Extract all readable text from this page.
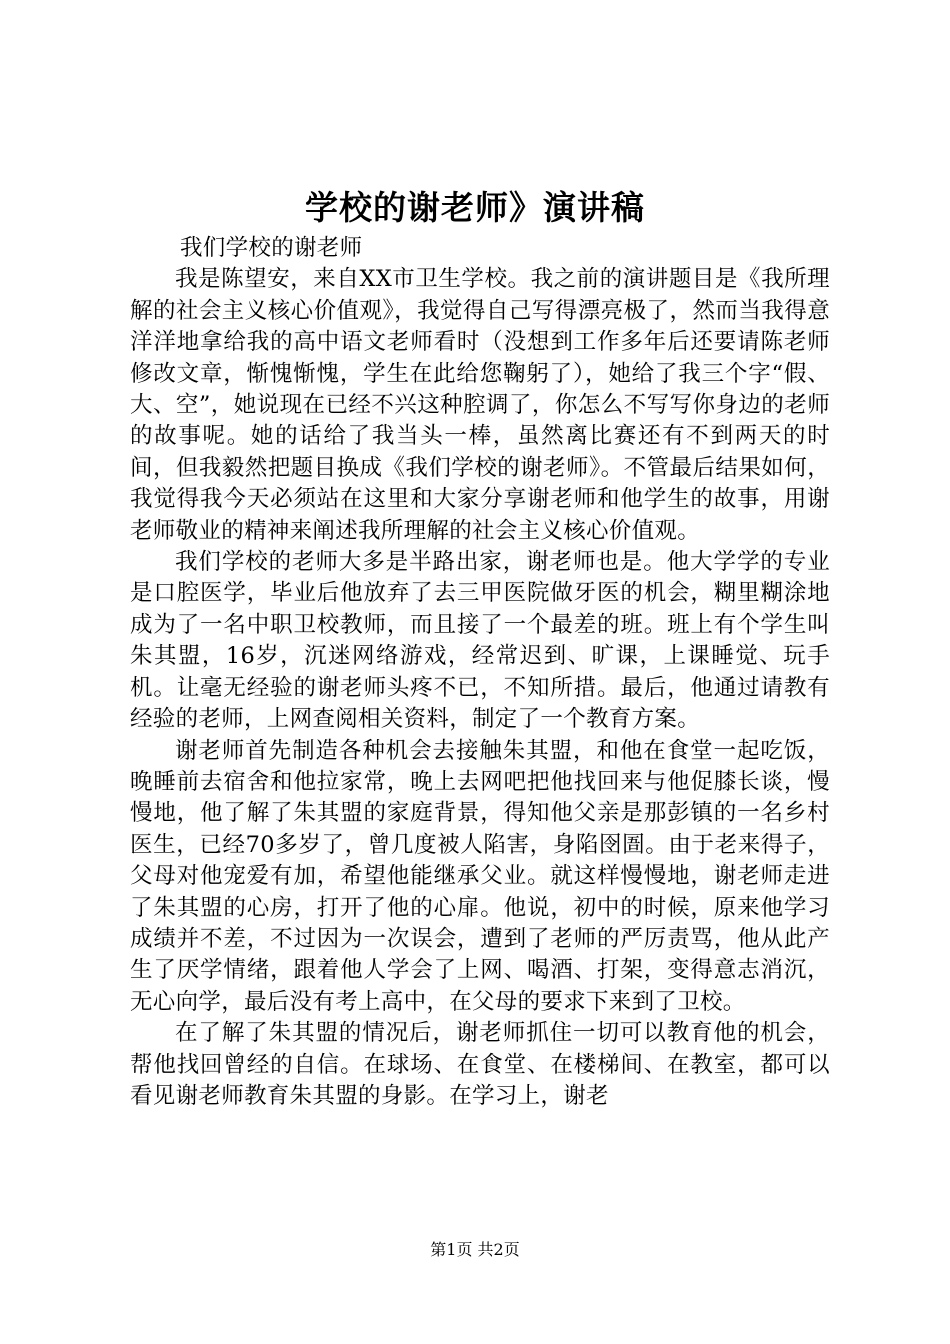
学校的谢老师》演讲稿
我们学校的谢老师

我是陈望安，来自XX市卫生学校。我之前的演讲题目是《我所理解的社会主义核心价值观》，我觉得自己写得漂亮极了，然而当我得意洋洋地拿给我的高中语文老师看时（没想到工作多年后还要请陈老师修改文章，惭愧惭愧，学生在此给您鞠躬了），她给了我三个字“假、大、空”，她说现在已经不兴这种腔调了，你怎么不写写你身边的老师的故事呢。她的话给了我当头一棒，虽然离比赛还有不到两天的时间，但我毅然把题目换成《我们学校的谢老师》。不管最后结果如何，我觉得我今天必须站在这里和大家分享谢老师和他学生的故事，用谢老师敬业的精神来阐述我所理解的社会主义核心价值观。

我们学校的老师大多是半路出家，谢老师也是。他大学学的专业是口腔医学，毕业后他放弃了去三甲医院做牙医的机会，糊里糊涂地成为了一名中职卫校教师，而且接了一个最差的班。班上有个学生叫朱其盟，16岁，沉迷网络游戏，经常迟到、旷课，上课睡觉、玩手机。让毫无经验的谢老师头疼不已，不知所措。最后，他通过请教有经验的老师，上网查阅相关资料，制定了一个教育方案。

谢老师首先制造各种机会去接触朱其盟，和他在食堂一起吃饭，晚睡前去宿舍和他拉家常，晚上去网吧把他找回来与他促膝长谈，慢慢地，他了解了朱其盟的家庭背景，得知他父亲是那彭镇的一名乡村医生，已经70多岁了，曾几度被人陷害，身陷囹圄。由于老来得子，父母对他宠爱有加，希望他能继承父业。就这样慢慢地，谢老师走进了朱其盟的心房，打开了他的心扉。他说，初中的时候，原来他学习成绩并不差，不过因为一次误会，遭到了老师的严厉责骂，他从此产生了厌学情绪，跟着他人学会了上网、喝酒、打架，变得意志消沉，无心向学，最后没有考上高中，在父母的要求下来到了卫校。

在了解了朱其盟的情况后，谢老师抓住一切可以教育他的机会，帮他找回曾经的自信。在球场、在食堂、在楼梯间、在教室，都可以看见谢老师教育朱其盟的身影。在学习上，谢老

第1页 共2页
